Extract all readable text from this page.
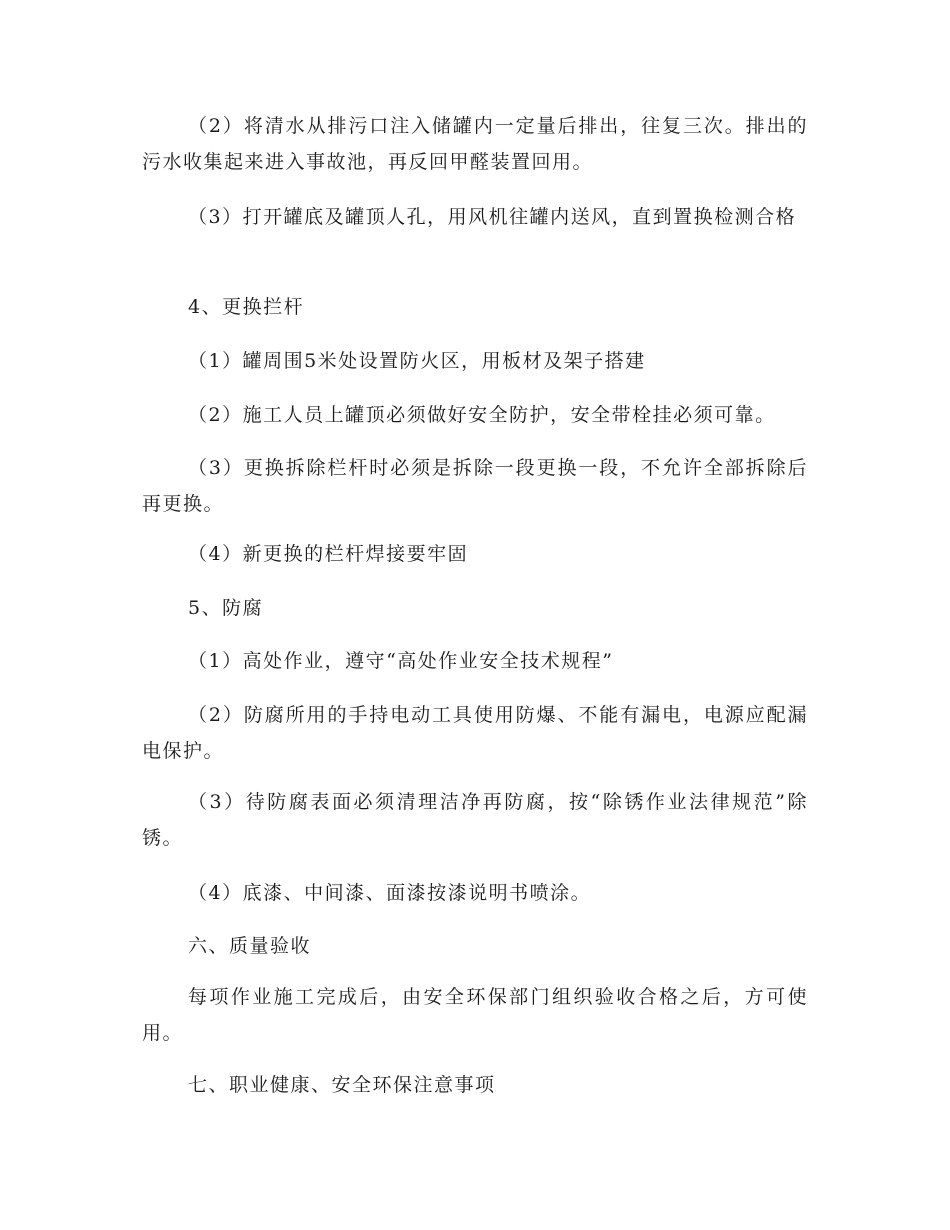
（2）将清水从排污口注入储罐内一定量后排出，往复三次。排出的污水收集起来进入事故池，再反回甲醛装置回用。

（3）打开罐底及罐顶人孔，用风机往罐内送风，直到置换检测合格

4、更换拦杆

（1）罐周围5米处设置防火区，用板材及架子搭建

（2）施工人员上罐顶必须做好安全防护，安全带栓挂必须可靠。

（3）更换拆除栏杆时必须是拆除一段更换一段，不允许全部拆除后再更换。

（4）新更换的栏杆焊接要牢固

5、防腐

（1）高处作业，遵守“高处作业安全技术规程”

（2）防腐所用的手持电动工具使用防爆、不能有漏电，电源应配漏电保护。

（3）待防腐表面必须清理洁净再防腐，按“除锈作业法律规范”除锈。

（4）底漆、中间漆、面漆按漆说明书喷涂。

六、质量验收

每项作业施工完成后，由安全环保部门组织验收合格之后，方可使用。

七、职业健康、安全环保注意事项
